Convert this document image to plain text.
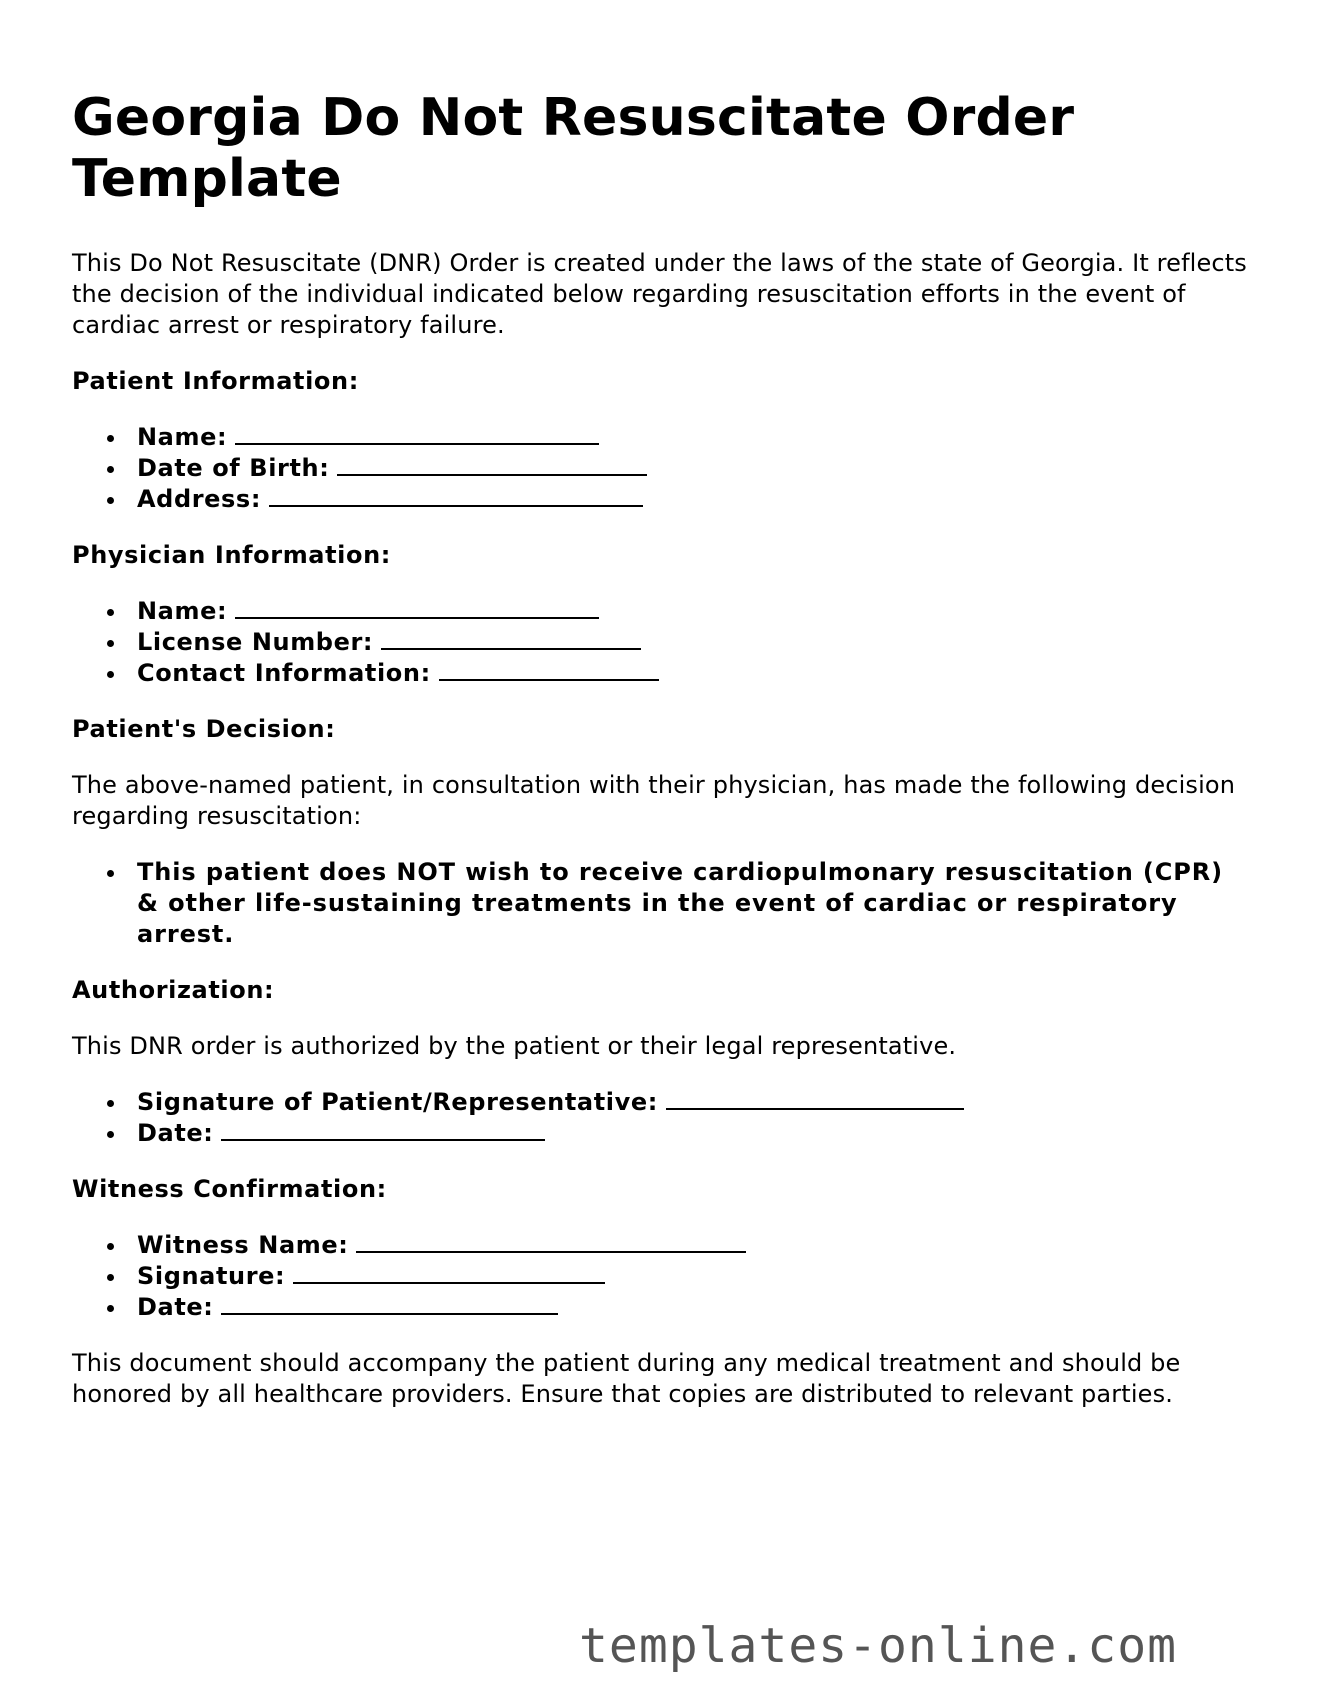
Georgia Do Not Resuscitate Order Template

This Do Not Resuscitate (DNR) Order is created under the laws of the state of Georgia. It reflects the decision of the individual indicated below regarding resuscitation efforts in the event of cardiac arrest or respiratory failure.

Patient Information:
Name:
Date of Birth:
Address:
Physician Information:
Name:
License Number:
Contact Information:
Patient's Decision:

The above-named patient, in consultation with their physician, has made the following decision regarding resuscitation:

This patient does NOT wish to receive cardiopulmonary resuscitation (CPR) & other life-sustaining treatments in the event of cardiac or respiratory arrest.
Authorization:

This DNR order is authorized by the patient or their legal representative.

Signature of Patient/Representative:
Date:
Witness Confirmation:
Witness Name:
Signature:
Date:

This document should accompany the patient during any medical treatment and should be honored by all healthcare providers. Ensure that copies are distributed to relevant parties.

templates-online.com
